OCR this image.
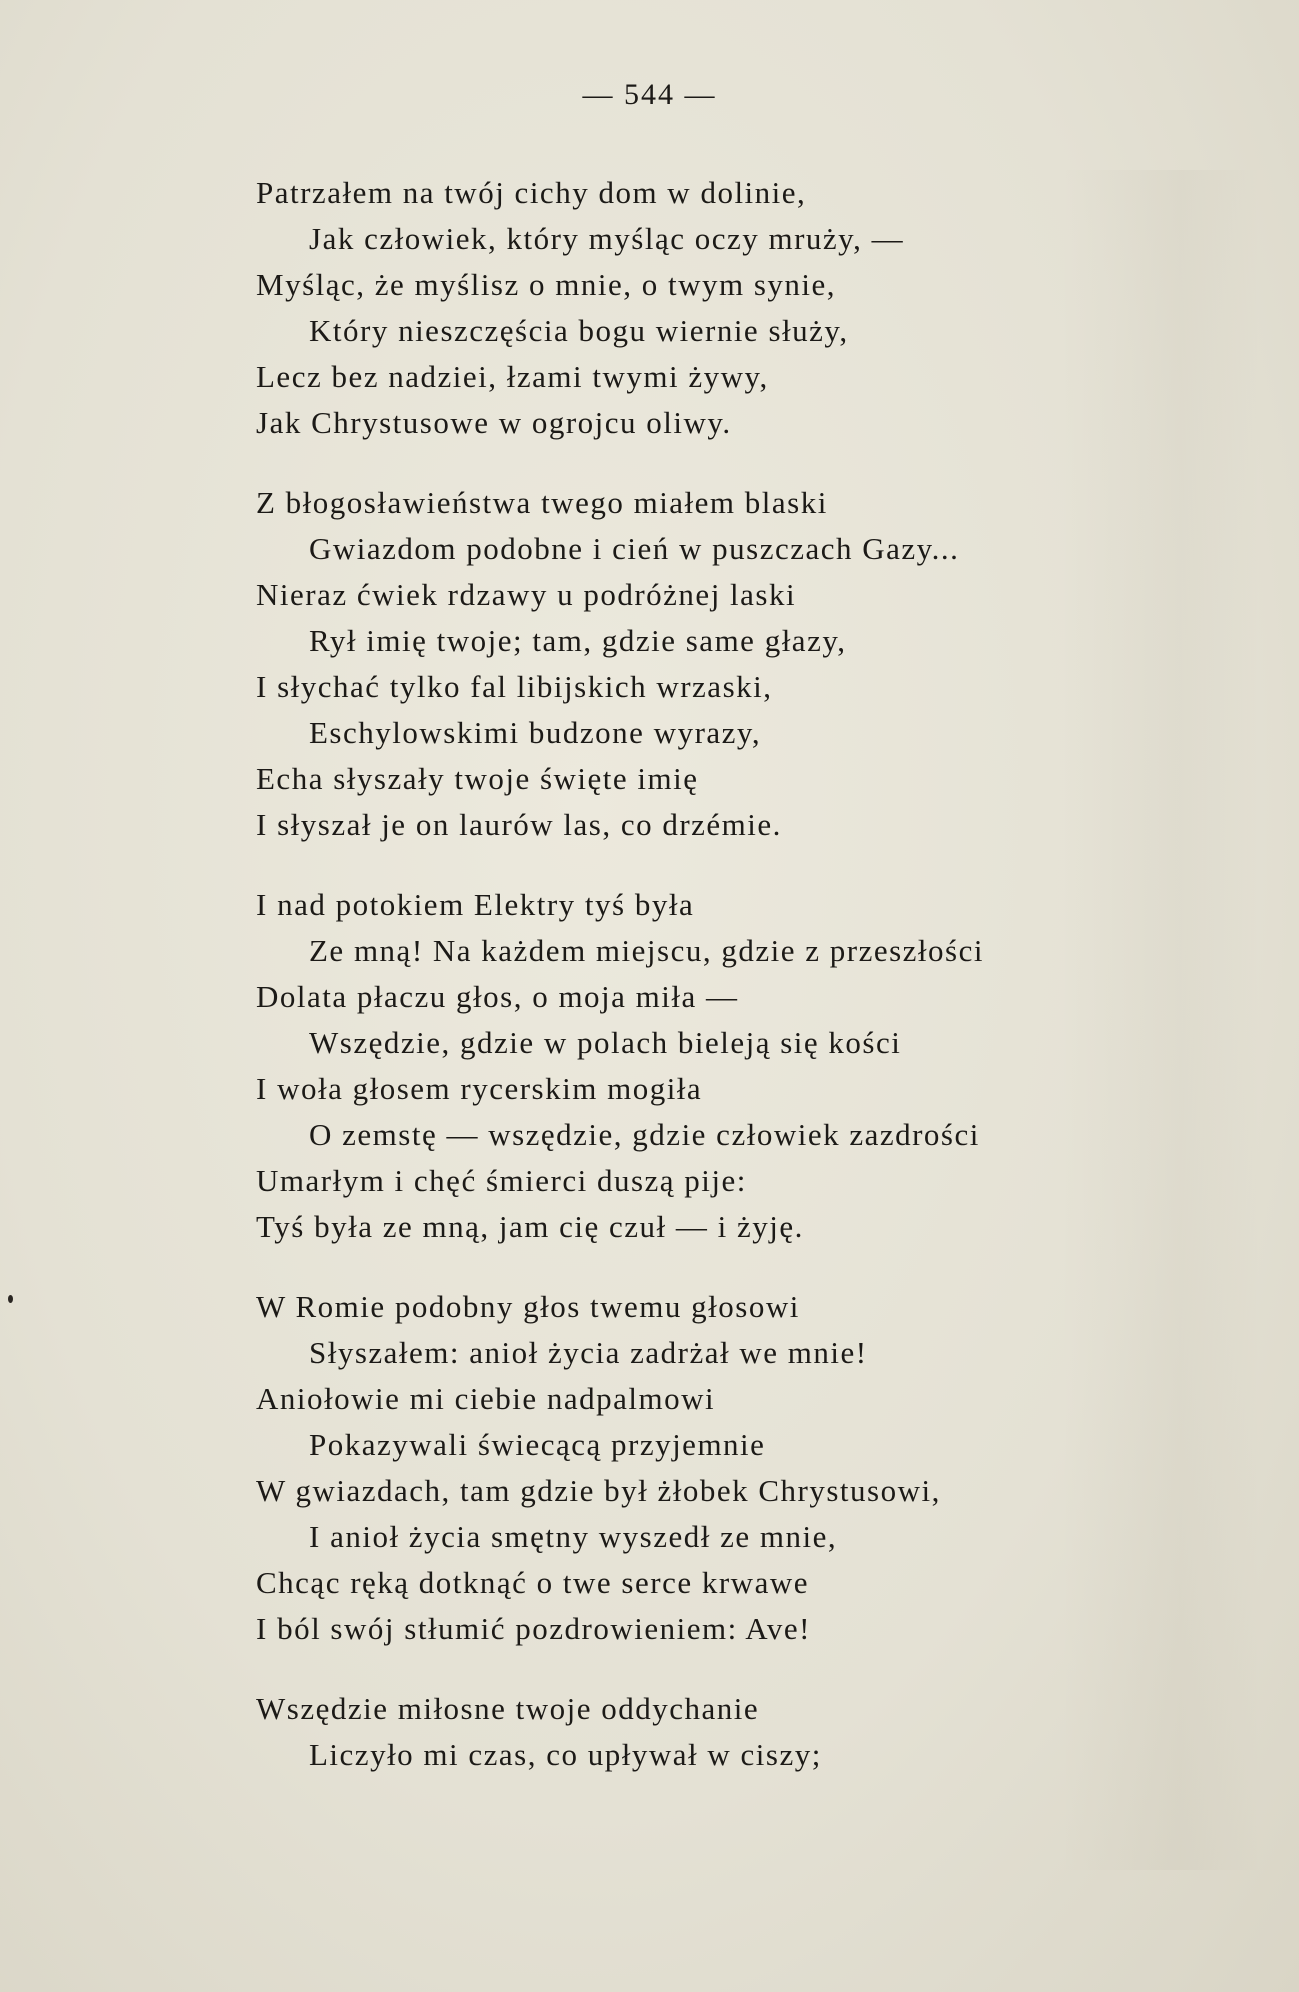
— 544 —
Patrzałem na twój cichy dom w dolinie,
Jak człowiek, który myśląc oczy mruży, —
Myśląc, że myślisz o mnie, o twym synie,
Który nieszczęścia bogu wiernie służy,
Lecz bez nadziei, łzami twymi żywy,
Jak Chrystusowe w ogrojcu oliwy.
Z błogosławieństwa twego miałem blaski
Gwiazdom podobne i cień w puszczach Gazy...
Nieraz ćwiek rdzawy u podróżnej laski
Rył imię twoje; tam, gdzie same głazy,
I słychać tylko fal libijskich wrzaski,
Eschylowskimi budzone wyrazy,
Echa słyszały twoje święte imię
I słyszał je on laurów las, co drzémie.
I nad potokiem Elektry tyś była
Ze mną! Na każdem miejscu, gdzie z przeszłości
Dolata płaczu głos, o moja miła —
Wszędzie, gdzie w polach bieleją się kości
I woła głosem rycerskim mogiła
O zemstę — wszędzie, gdzie człowiek zazdrości
Umarłym i chęć śmierci duszą pije:
Tyś była ze mną, jam cię czuł — i żyję.
W Romie podobny głos twemu głosowi
Słyszałem: anioł życia zadrżał we mnie!
Aniołowie mi ciebie nadpalmowi
Pokazywali świecącą przyjemnie
W gwiazdach, tam gdzie był żłobek Chrystusowi,
I anioł życia smętny wyszedł ze mnie,
Chcąc ręką dotknąć o twe serce krwawe
I ból swój stłumić pozdrowieniem: Ave!
Wszędzie miłosne twoje oddychanie
Liczyło mi czas, co upływał w ciszy;
